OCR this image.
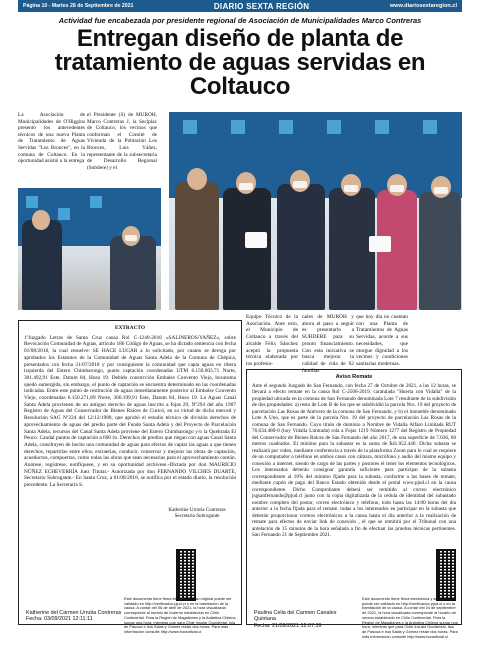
Página 10 - Martes 28 de Septiembre de 2021	DIARIO SEXTA REGIÓN	www.diariosextaregion.cl
Actividad fue encabezada por presidente regional de Asociación de Municipalidades Marco Contreras
Entregan diseño de planta de tratamiento de aguas servidas en Coltauco
La Asociación de Municipalidades de O'Higgins presentó los antecedentes técnicos de una nueva Planta de Tratamiento de Aguas Servidas "Los Bronces", en la comuna de Coltauco. En la oportunidad asistió a la entrega
el Presidente (S) de MUROH, Marco Contreras J, la Seciplac de Coltauco, los vecinos que conforman el Comité de Vivienda de la Población Los Bronces, Luis Yáñez, representante de la subsecretaria de Desarrollo Regional (Subdere) y el
EXTRACTO
1ºJuzgado Letras de Santa Cruz causa Rol C-1240-2016 «SALINEROS/YAÑEZ», sobre Revocación Comunidad de Aguas, artículo 186 Código de Aguas, se ha dictado sentencia con fecha 01/08/2018, la cual resuelve: SE HACE LUGAR a lo solicitado, por cuanto se deroga por aprobados los Estatutos de la Comunidad de Aguas Santa Adela de la Comuna de Chépica, presentados con fecha 31/07/2018 y por consiguiente la comunidad que capta aguas en ribera izquierda del Estero Chimbarongo, punto captación coordenadas UTM 6.150.603,71 Norte, 301.492,91 Este, Datum 84, Huso 19. Debido constrcción Embalse Convento Viejo, bocatoma quedó sumergida, sin embargo, el punto de captación se encuentra determinado en las coordenadas indicadas. Entre este punto de restitución de aguas inmediatamente posterior al Embalse Convento Viejo, coordenadas 6.150.271,89 Norte, 300.199,91 Este, Datum 84, Huso 19. La Aguas Canal Santa Adela provienen de un antiguo derecho de aguas inscrito a fojas 29, Nº294 del año 1907 Registro de Aguas del Conservador de Bienes Raíces de Curicó, en su virtud de dicha merced y Resolución SAG Nº224 del 12/12/1988, que aprobó el estudio técnico de división derechos de aprovechamiento de aguas del predio parte del Fundo Santa Adela y del Proyecto de Parcelación Santa Adela, recursos del Canal Santa Adela proviene del Estero Chimbarongo y/o la Quebrada El Peuco. Caudal puntos de captación a 600 l/s. Derechos de predios que riegan con aguas Canal Santa Adela, consiltuyen de hecho una comunidad de aguas para efectos de captar las aguas a que tienen derechos, repartirlas entre ellos, extraerlas, conducir, conservar y mejorar las obras de captación, acueductos, compuertas, como todas las obras que sean necesarias para el aprovechamiento común. Anótese, regístrese, notifíquese, y en su oportunidad archívese.-Dictada por don MAURICIO NÚÑEZ ECHEVERRÍA Juez Titular.- Autorizada por don FERNANDO VILCHES DUARTE, Secretario Subrogante.- En Santa Cruz, a 01/08/2018, se notifica por el estado diario, la resolución precedente. La Secretaria S.
Katherine Urrutia Contreras
Secretaria Subrogante
Este documento tiene firma electrónica y su original puede ser validado en http://verificadoc.pjud.cl o en la tramitación de la causa. A contar del 06 de abril de 2021, la hora visualizada corresponde al horario de invierno establecido en Chile Continental. Para la Región de Magallanes y la Antártica Chilena sumar una hora, mientras que para Chile Insular Occidental, Isla de Pascua e Isla Salas y Gómez restar dos horas. Para más información consulte http://www.horaoficial.cl
Katherine del Carmen Urrutia Contreras
Fecha: 03/09/2021 12:11:11
Equipo Técnico de la Asociación. Ante esto, el Municipio de Coltauco a través del alcalde Félix Sánchez aceptó la propuesta técnica elaborada por los profesio-
nales de MUROH y ahora el paso a seguir es presentarlo a SUBDERE para su pronto financiamiento. Con esta iniciativa se busca mejorar la calidad de vida de 62 familias
que hoy día no cuentan con una Planta de Tratamientos de Aguas Servidas, acorde a sus necesidades, que otorgue dignidad a los vecinos y condiciones sanitarias modernas.
Aviso Remate
Ante el segundo Juzgado de San Fernando, con fecha 27 de Octubre de 2021, a las 12 horas, se llevará a efecto remate en la causa Rol C-2506-2019, caratulada "Huerta con Vidalla" de la propiedad ubicada en la comuna de San Fernando denominada Lote 7 resultante de la subdivisión de dos propiedades: a) resto de Lote B de los que se subdividió la parcela Nro. 19 del proyecto de parcelación Las Rosas de Antivero de la comuna de San Fernando, y b) el inmueble denominado Lote A Uno, que es parte de la parcela Nro. 19 del proyecto de parcelación Las Rosas de la comuna de San Fernando. Cuyo título de dominio a Nombre de Vidalla Alfaro Limitada RUT 76.634.480-0 (hoy Vidalla Limitada) rola a Fojas 1219 Número 1277 del Registro de Propiedad del Conservador de Bienes Raíces de San Fernando del año 2017, de una superficie de 7.036, 68 metros cuadrados. El mínimo para la subastar es la suma de $41.052.440. Dicha subasta se realizará por video, mediante conferencia a través de la plataforma Zoom para lo cual se requiere de un computador o teléfono en ambos casos con cámara, micrófono y audio del mismo equipo y conexión a internet, siendo de cargo de las partes y postores el tener los elementos tecnológicos. Los interesados deberán consignar garantía suficiente para participar de la subasta correspondiente al 10% del mínimo fijado para la subasta, conforme a las bases de remate, mediante cupón de pago del Banco Estado obtenido desde el portal www.pjud.cl en la causa correspondiente. Dicho Comprobante deberá ser remitido al correo electrónico jsgsanfernando@pjud.cl junto con la copia digitalizada de la cédula de identidad del subastado nombre completo del postor, correo electrónico y teléfono, todo hasta las 14:00 horas del día anterior a la fecha fijada para el remate. todas a los interesados en participar en la subasta que deberán proporcionar correos electrónicos a la causa hasta el día anterior a la realización de remate para efectos de enviar link de conexión , el que se remitirá por el Tribunal con una antelación de 15 minutos de la hora señalada a fin de efectuar las pruebas técnicas pertinentes. San Fernando 21 de Septiembre 2021.
Este documento tiene firma electrónica y su original puede ser validado en http://verificadoc.pjud.cl o en la tramitación de la causa. A contar del 04 de septiembre de 2021, la hora visualizada corresponde al horario de verano establecido en Chile Continental. Para la Región de Magallanes y la Antártica Chilena sumar una hora, mientras que para Chile Insular Occidental, Isla de Pascua e Isla Salas y Gómez restar dos horas. Para más información consulte http://www.horaoficial.cl
Paulina Celia del Carmen Canales Quintana
Fecha: 21/09/2021 12:07:39
